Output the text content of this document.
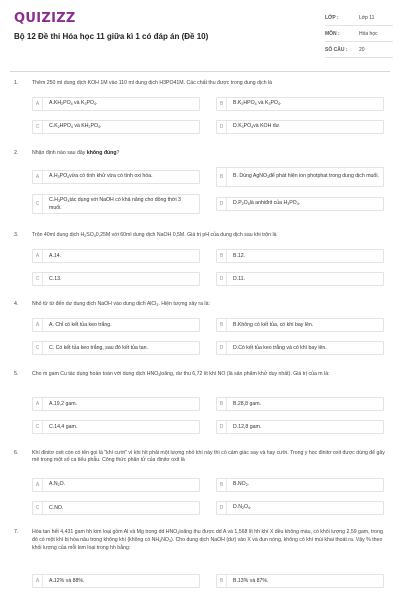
QUIZIZZ
Bộ 12 Đề thi Hóa học 11 giữa kì 1 có đáp án (Đề 10)
LỚP :	Lớp 11
MÔN :	Hóa học
SỐ CÂU :	20
1.	Thêm 250 ml dung dịch KOH 1M vào 110 ml dung dịch H3PO41M. Các chất thu được trong dung dịch là
A	$A.KH_2PO_4$ và $K_3PO_4$.	B	$B.K_2HPO_4$ và $K_3PO_4$.
C	$C.K_2HPO_4$ và $KH_2PO_4$.	D	$D.K_3PO_4và$ KOH dư.
2.	Nhận định nào sau đây không đúng?
A	$A.H_3PO_4vừa$ có tính khử vừa có tính oxi hóa.	B	B. Dùng AgNO$_3$để phát hiện ion photphat trong dung dịch muối.
C
$C.H_3PO_4tác$ dụng với NaOH có khả năng cho đồng thời 3 muối.
D	$D.P_2O_5là$ anhiđrit của $H_3PO_4$.
3.	Trộn 40ml dung dịch $H_2SO_40,25M$ với 60ml dung dịch NaOH 0,5M. Giá trị pH của dung dịch sau khi trộn là
A	A.14.	B	B.12.
C	C.13.	D	D.11.
4.	Nhỏ từ từ đến dư dung dịch NaOH vào dung dịch AlCl$_3$. Hiện tượng xảy ra là:
A	A. Chỉ có kết tủa keo trắng.	B	B.Không có kết tủa, có khí bay lên.
C	C. Có kết tủa keo trắng, sau đó kết tủa tan.	D	D.Có kết tủa keo trắng và có khí bay lên.
5.	Cho m gam Cu tác dụng hoàn toàn với dung dịch $HNO_3loãng$, dư thu 6,72 lít khí NO (là sản phẩm khử duy nhất). Giá trị của m là:
A	A.19,2 gam.	B	B.28,8 gam.
C	C.14,4 gam.	D	D.12,8 gam.
6.	Khí đinitơ oxit còn có tên gọi là "khí cười" vì khi hít phải một lượng nhỏ khí này thì có cảm giác say và hay cười. Trong y học đinitơ oxit được dùng để gây mê trong một số ca tiểu phẫu. Công thức phân tử của đinitơ oxit là
A	$A.N_2O$.	B	$B.NO_2$.
C	C.NO.	D	$D.N_2O_4$.
7.	Hòa tan hết 4,431 gam hh kim loại gồm Al và Mg trong dd $HNO_3loãng$ thu được dd A và 1,568 lít hh khí X đều không màu, có khối lượng 2,59 gam, trong đó có một khí bị hóa nâu trong không khí (không có $NH_4NO_3$). Cho dung dịch NaOH (dư) vào X và đun nóng, không có khí mùi khai thoát ra. Vậy % theo khối lượng của mỗi kim loại trong hh bằng:
A	A.12% và 88%.	B	B.13% và 87%.
